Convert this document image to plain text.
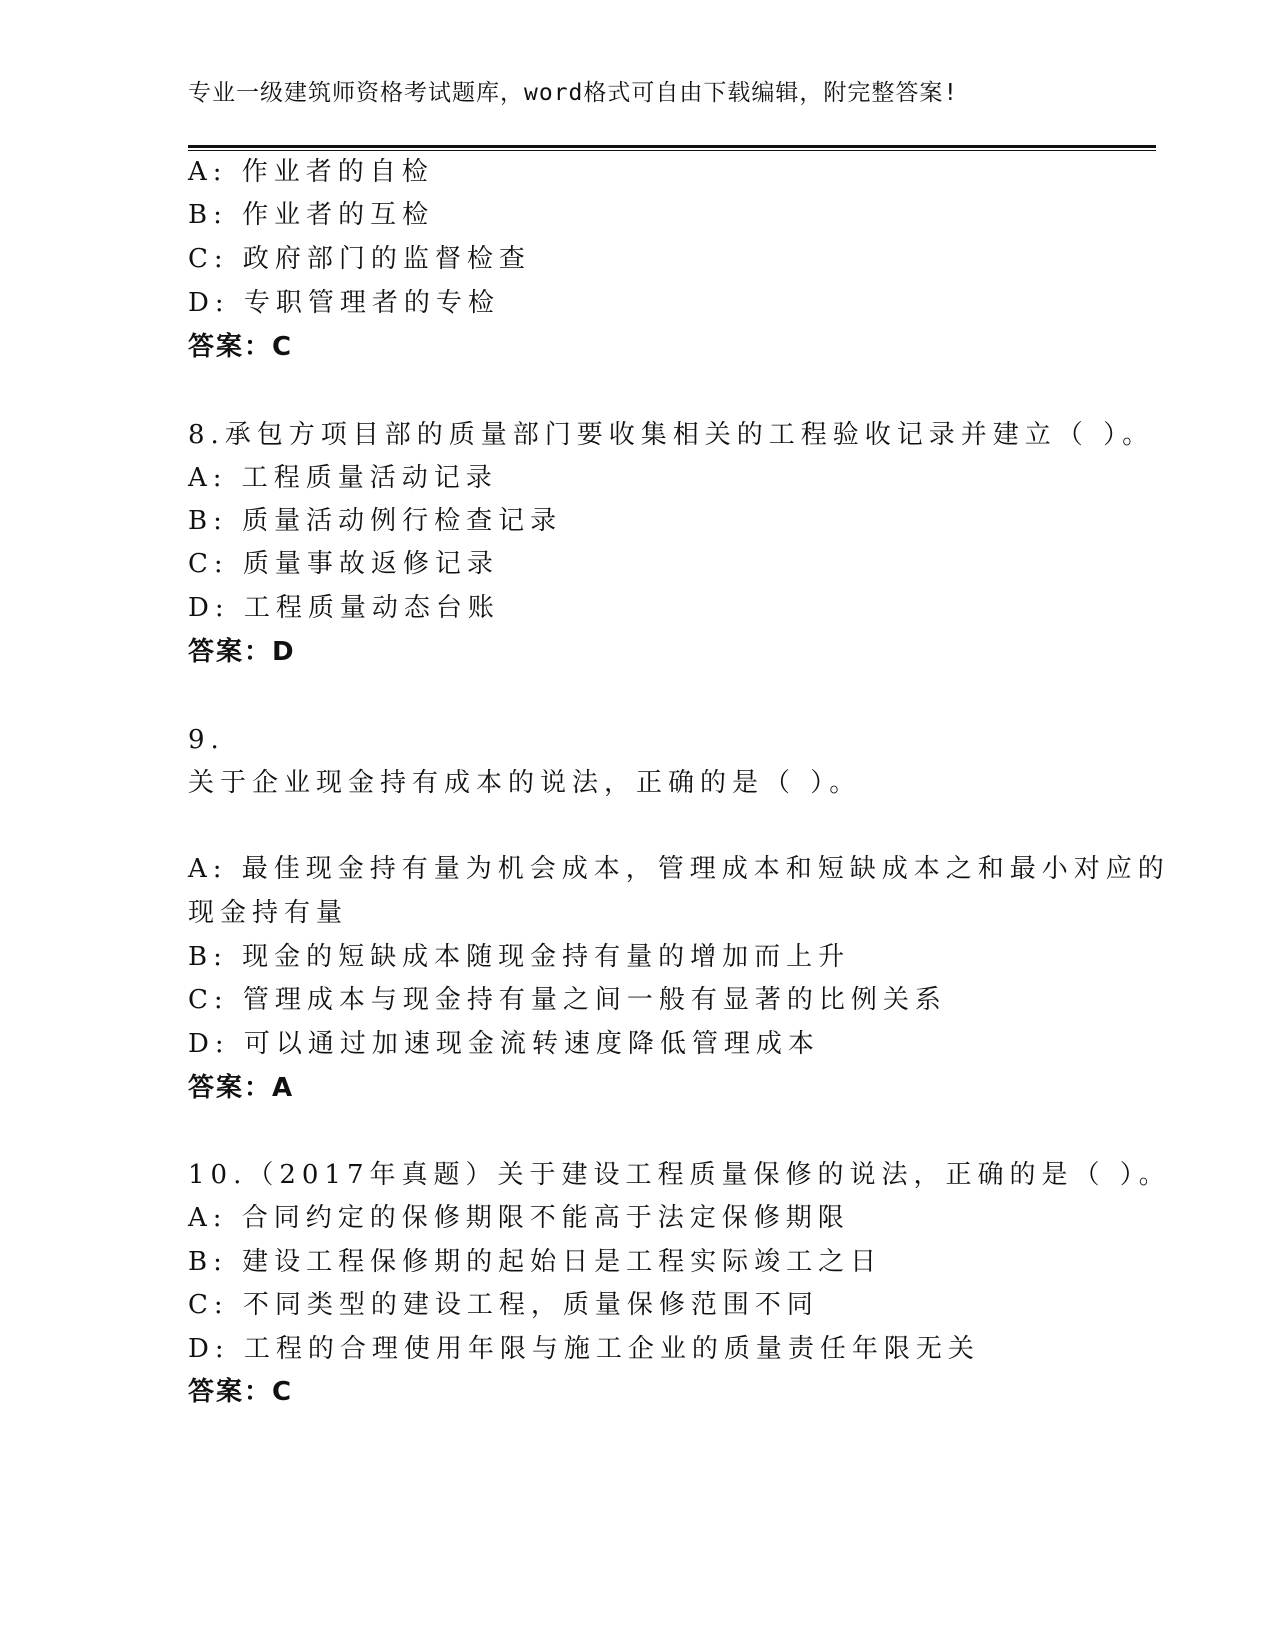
专业一级建筑师资格考试题库，word格式可自由下载编辑，附完整答案!
A: 作业者的自检
B: 作业者的互检
C: 政府部门的监督检查
D: 专职管理者的专检
答案：C
8.承包方项目部的质量部门要收集相关的工程验收记录并建立（ ）。
A: 工程质量活动记录
B: 质量活动例行检查记录
C: 质量事故返修记录
D: 工程质量动态台账
答案：D
9.
关于企业现金持有成本的说法，正确的是（ ）。
A: 最佳现金持有量为机会成本，管理成本和短缺成本之和最小对应的
现金持有量
B: 现金的短缺成本随现金持有量的增加而上升
C: 管理成本与现金持有量之间一般有显著的比例关系
D: 可以通过加速现金流转速度降低管理成本
答案：A
10.（2017年真题）关于建设工程质量保修的说法，正确的是（ ）。
A: 合同约定的保修期限不能高于法定保修期限
B: 建设工程保修期的起始日是工程实际竣工之日
C: 不同类型的建设工程，质量保修范围不同
D: 工程的合理使用年限与施工企业的质量责任年限无关
答案：C
